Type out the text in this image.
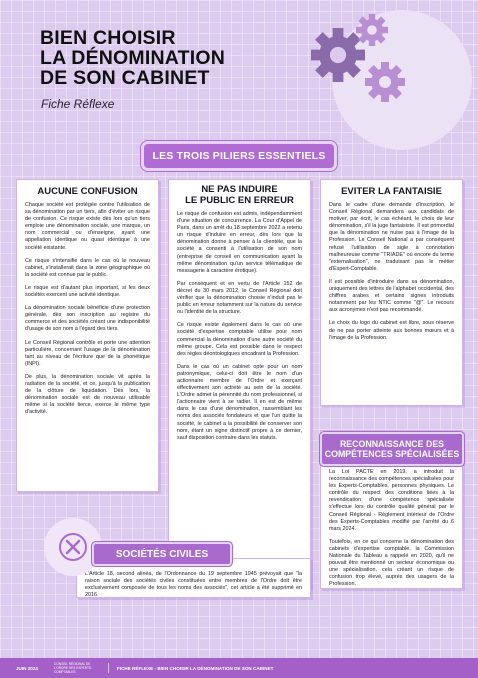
BIEN CHOISIR
LA DÉNOMINATION
DE SON CABINET
Fiche Réflexe
LES TROIS PILIERS ESSENTIELS
AUCUNE CONFUSION

Chaque société est protégée contre l'utilisation de sa dénomination par un tiers, afin d'éviter un risque de confusion. Ce risque existe dès lors qu'un tiers emploie une dénomination sociale, une marque, un nom commercial ou d'enseigne, ayant une appellation identique ou quasi identique à une société existante.

Ce risque s'intensifie dans le cas où le nouveau cabinet, s'installerait dans la zone géographique où la société est connue par le public.

Le risque est d'autant plus important, si les deux sociétés exercent une activité identique.

La dénomination sociale bénéficie d'une protection générale, dès son inscription au registre du commerce et des sociétés créant une indisponibilité d'usage de son nom à l'égard des tiers.

Le Conseil Régional contrôle et porte une attention particulière, concernant l'usage de la dénomination tant au niveau de l'écriture que de la phonétique (INPI).

De plus, la dénomination sociale vit après la radiation de la société, et ce, jusqu'à la publication de la clôture de liquidation. Dès lors, la dénomination sociale est de nouveau utilisable même si la société tierce, exerce le même type d'activité.

NE PAS INDUIRE
LE PUBLIC EN ERREUR

Le risque de confusion est admis, indépendamment d'une situation de concurrence. La Cour d'Appel de Paris, dans un arrêt du 18 septembre 2022 a retenu un risque d'induire en erreur, dès lors que la dénomination donne à penser à la clientèle, que la société a consenti à l'utilisation de son nom (entreprise de conseil en communication ayant la même dénomination qu'un service télématique de messagerie à caractère érotique).

Par conséquent et en vertu de l'Article 152 de décret du 30 mars 2012, le Conseil Régional doit vérifier que la dénomination choisie n'induit pas le public en erreur notamment sur la nature du service ou l'identité de la structure.

Ce risque existe également dans le cas où une société d'expertise comptable utilise pour nom commercial la dénomination d'une autre société du même groupe. Cela est possible dans le respect des règles déontologiques encadrant la Profession.

Dans le cas où un cabinet opte pour un nom patronymique, celui-ci doit être le nom d'un actionnaire membre de l'Ordre et exerçant effectivement son activité au sein de la société. L'Ordre admet la pérennité du nom professionnel, si l'actionnaire vient à se radier. Il en est de même dans le cas d'une dénomination, rassemblant les noms des associés fondateurs et que l'un quitte la société, le cabinet a la possibilité de conserver son nom, étant un signe distinctif propre à ce dernier, sauf disposition contraire dans les statuts.

EVITER LA FANTAISIE

Dans le cadre d'une demande d'inscription, le Conseil Régional demandera aux candidats de motiver, par écrit, le cas échéant, le choix de leur dénomination, s'il la juge fantaisiste. Il est primordial que la dénomination ne nuise pas à l'image de la Profession. Le Conseil National a par conséquent refusé l'utilisation de sigle à connotation malheureuse comme "TRIADE" où encore du terme "externalisation", ne traduisant pas le métier d'Expert-Comptable.

Il est possible d'introduire dans sa dénomination, uniquement des lettres de l'alphabet occidental, des chiffres arabes et certains signes introduits notamment par les NTIC comme "@". Le recours aux acronymes n'est pas recommandé.

Le choix du logo du cabinet est libre, sous réserve de ne pas porter atteinte aux bonnes mœurs et à l'image de la Profession.

RECONNAISSANCE DES
COMPÉTENCES SPÉCIALISÉES

La Loi PACTE en 2019, a introduit la reconnaissance des compétences spécialisées pour les Experts-Comptables, personnes physiques. Le contrôle du respect des conditions liées à la revendication d'une compétence spécialisée s'effectue lors du contrôle qualité général par le Conseil Régional - Règlement intérieur de l'Ordre des Experts-Comptables modifié par l'arrêté du 6 mars 2024.

Toutefois, en ce qui concerne la dénomination des cabinets d'expertise comptable, la Commission Nationale du Tableau a rappelé en 2020, qu'il ne pouvait être mentionné un secteur économique ou une spécialisation, cela créant un risque de confusion trop élevé, auprès des usagers de la Profession.

SOCIÉTÉS CIVILES

L'Article 18, second alinéa, de l'Ordonnance du 19 septembre 1945 prévoyait que "la raison sociale des sociétés civiles constituées entre membres de l'Ordre doit être exclusivement composée de tous les noms des associés", cet article a été supprimé en 2016.

JUIN 2024
CONSEIL RÉGIONAL DE L'ORDRE DES EXPERTS-COMPTABLES
FICHE RÉFLEXE - BIEN CHOISIR LA DÉNOMINATION DE SON CABINET
